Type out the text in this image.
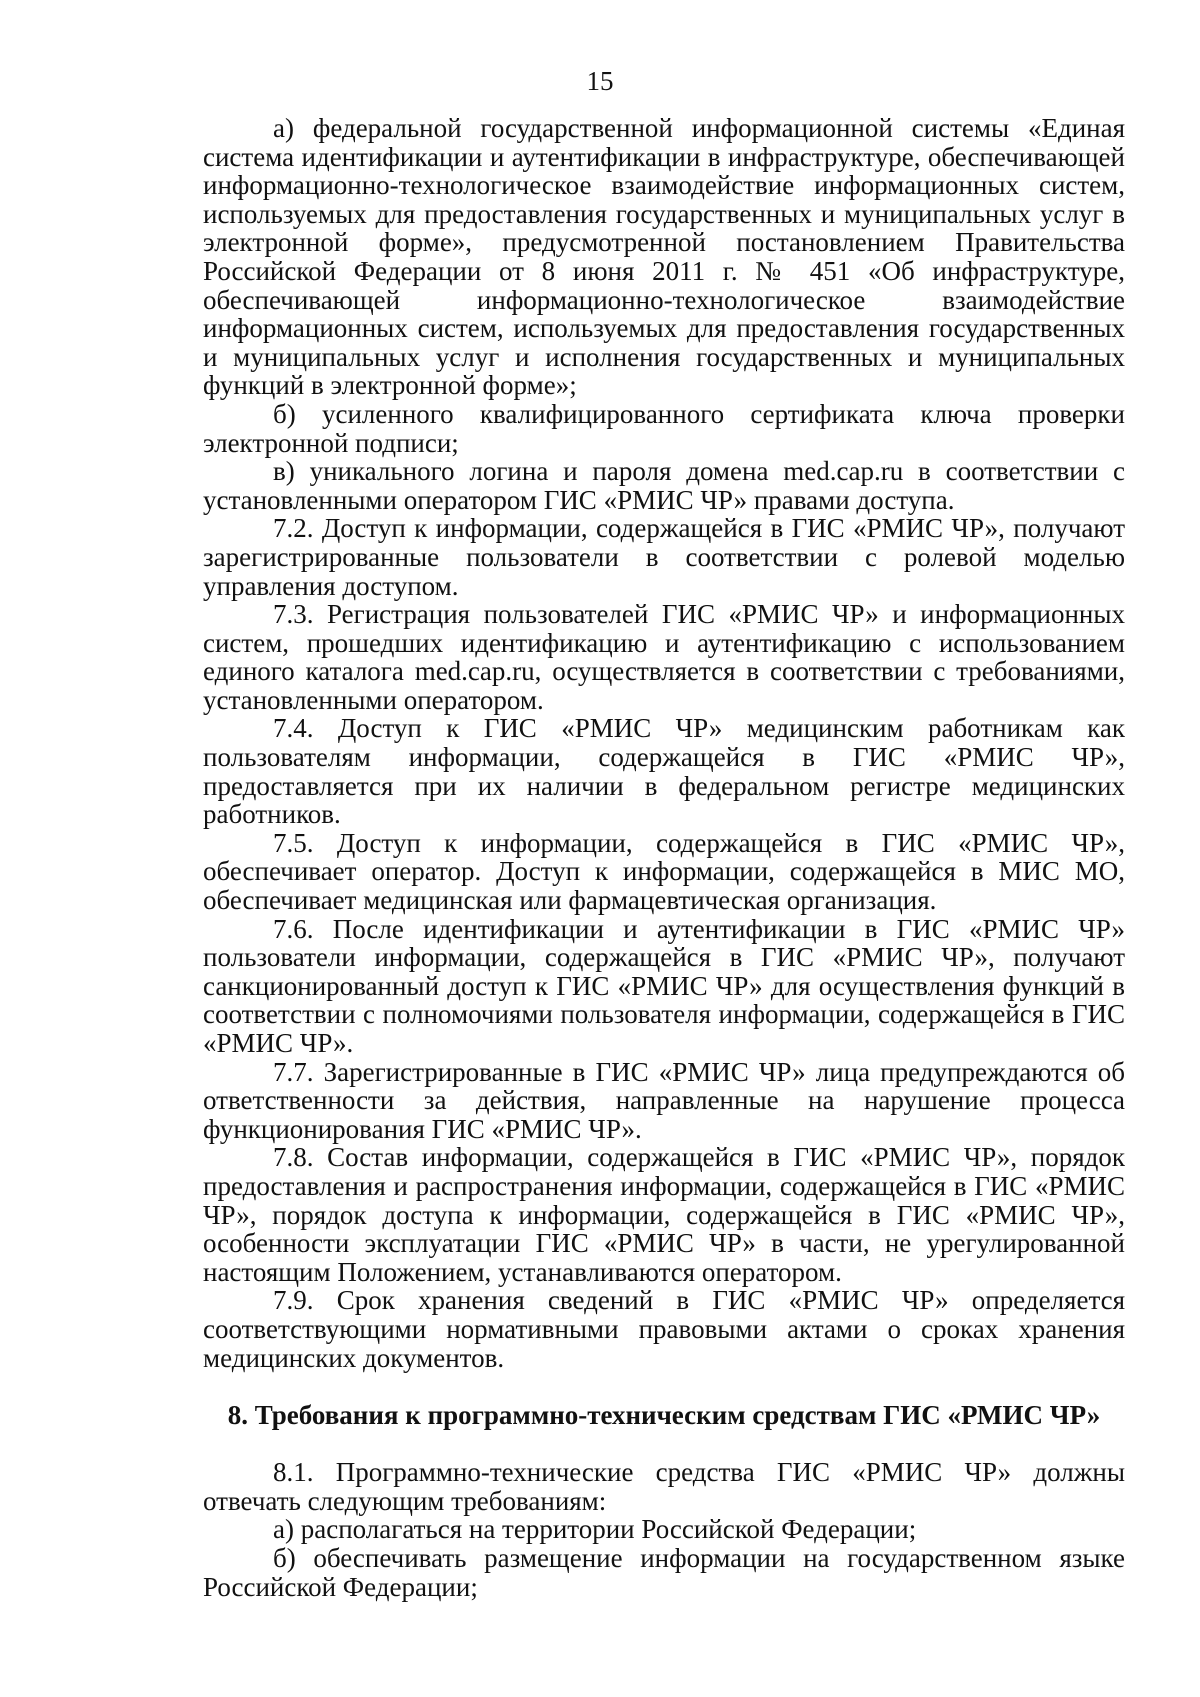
15

а) федеральной государственной информационной системы «Единая система идентификации и аутентификации в инфраструктуре, обеспечивающей информационно-технологическое взаимодействие информационных систем, используемых для предоставления государственных и муниципальных услуг в электронной форме», предусмотренной постановлением Правительства Российской Федерации от 8 июня 2011 г. № 451 «Об инфраструктуре, обеспечивающей информационно-технологическое взаимодействие информационных систем, используемых для предоставления государственных и муниципальных услуг и исполнения государственных и муниципальных функций в электронной форме»;

б) усиленного квалифицированного сертификата ключа проверки электронной подписи;

в) уникального логина и пароля домена med.cap.ru в соответствии с установленными оператором ГИС «РМИС ЧР» правами доступа.

7.2. Доступ к информации, содержащейся в ГИС «РМИС ЧР», получают зарегистрированные пользователи в соответствии с ролевой моделью управления доступом.

7.3. Регистрация пользователей ГИС «РМИС ЧР» и информационных систем, прошедших идентификацию и аутентификацию с использованием единого каталога med.cap.ru, осуществляется в соответствии с требованиями, установленными оператором.

7.4. Доступ к ГИС «РМИС ЧР» медицинским работникам как пользователям информации, содержащейся в ГИС «РМИС ЧР», предоставляется при их наличии в федеральном регистре медицинских работников.

7.5. Доступ к информации, содержащейся в ГИС «РМИС ЧР», обеспечивает оператор. Доступ к информации, содержащейся в МИС МО, обеспечивает медицинская или фармацевтическая организация.

7.6. После идентификации и аутентификации в ГИС «РМИС ЧР» пользователи информации, содержащейся в ГИС «РМИС ЧР», получают санкционированный доступ к ГИС «РМИС ЧР» для осуществления функций в соответствии с полномочиями пользователя информации, содержащейся в ГИС «РМИС ЧР».

7.7. Зарегистрированные в ГИС «РМИС ЧР» лица предупреждаются об ответственности за действия, направленные на нарушение процесса функционирования ГИС «РМИС ЧР».

7.8. Состав информации, содержащейся в ГИС «РМИС ЧР», порядок предоставления и распространения информации, содержащейся в ГИС «РМИС ЧР», порядок доступа к информации, содержащейся в ГИС «РМИС ЧР», особенности эксплуатации ГИС «РМИС ЧР» в части, не урегулированной настоящим Положением, устанавливаются оператором.

7.9. Срок хранения сведений в ГИС «РМИС ЧР» определяется соответствующими нормативными правовыми актами о сроках хранения медицинских документов.

8. Требования к программно-техническим средствам ГИС «РМИС ЧР»

8.1. Программно-технические средства ГИС «РМИС ЧР» должны отвечать следующим требованиям:

а) располагаться на территории Российской Федерации;

б) обеспечивать размещение информации на государственном языке Российской Федерации;
